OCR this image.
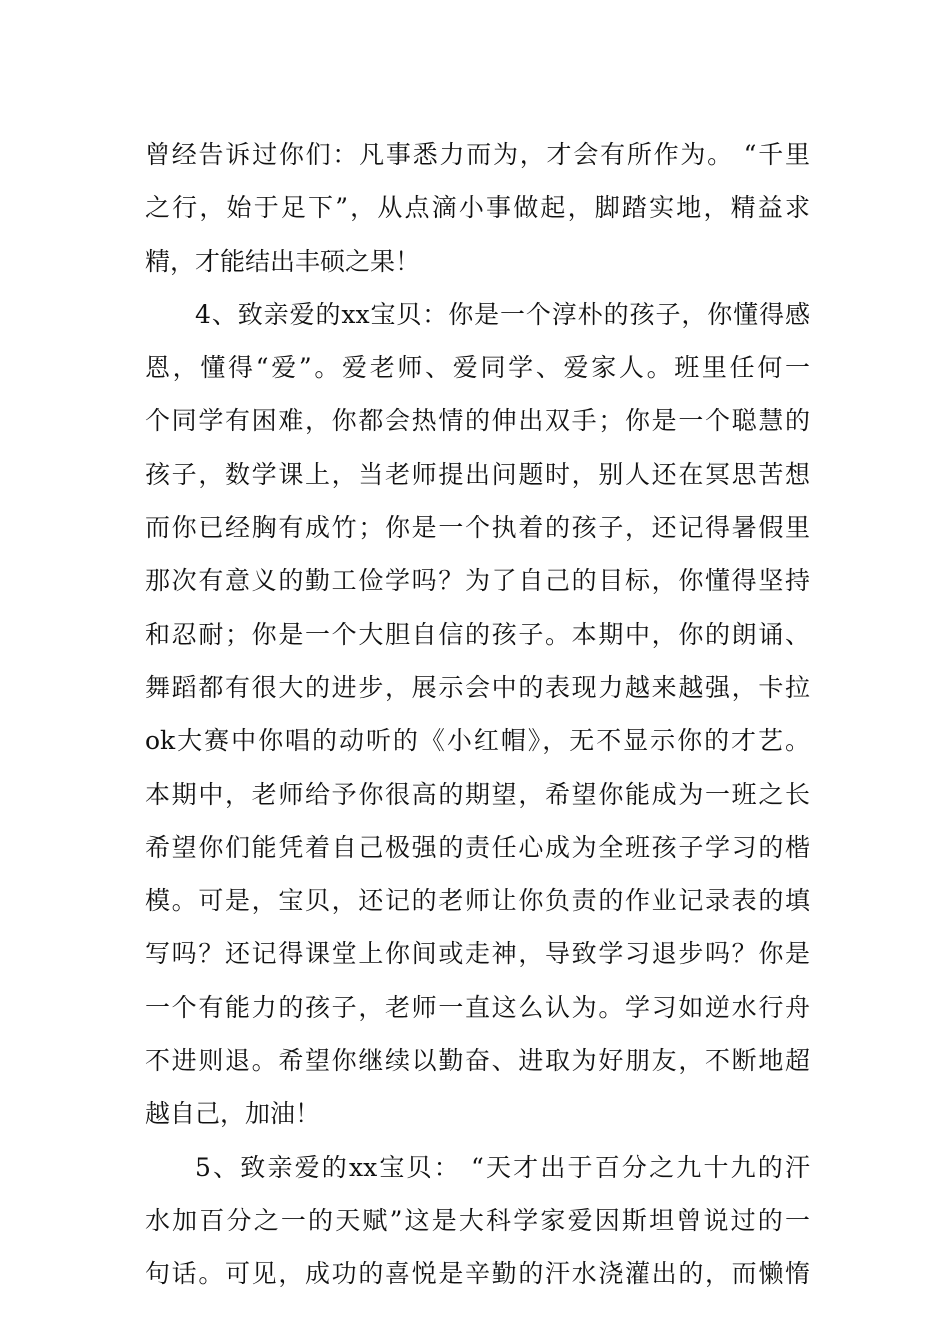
曾经告诉过你们：凡事悉力而为，才会有所作为。 “千里
之行，始于足下”，从点滴小事做起，脚踏实地，精益求
精，才能结出丰硕之果！
4、致亲爱的xx宝贝：你是一个淳朴的孩子，你懂得感
恩，懂得“爱”。爱老师、爱同学、爱家人。班里任何一
个同学有困难，你都会热情的伸出双手；你是一个聪慧的
孩子，数学课上，当老师提出问题时，别人还在冥思苦想
而你已经胸有成竹；你是一个执着的孩子，还记得暑假里
那次有意义的勤工俭学吗？为了自己的目标，你懂得坚持
和忍耐；你是一个大胆自信的孩子。本期中，你的朗诵、
舞蹈都有很大的进步，展示会中的表现力越来越强，卡拉
ok大赛中你唱的动听的《小红帽》，无不显示你的才艺。
本期中，老师给予你很高的期望，希望你能成为一班之长
希望你们能凭着自己极强的责任心成为全班孩子学习的楷
模。可是，宝贝，还记的老师让你负责的作业记录表的填
写吗？还记得课堂上你间或走神，导致学习退步吗？你是
一个有能力的孩子，老师一直这么认为。学习如逆水行舟
不进则退。希望你继续以勤奋、进取为好朋友，不断地超
越自己，加油！
5、致亲爱的xx宝贝： “天才出于百分之九十九的汗
水加百分之一的天赋”这是大科学家爱因斯坦曾说过的一
句话。可见，成功的喜悦是辛勤的汗水浇灌出的，而懒惰
